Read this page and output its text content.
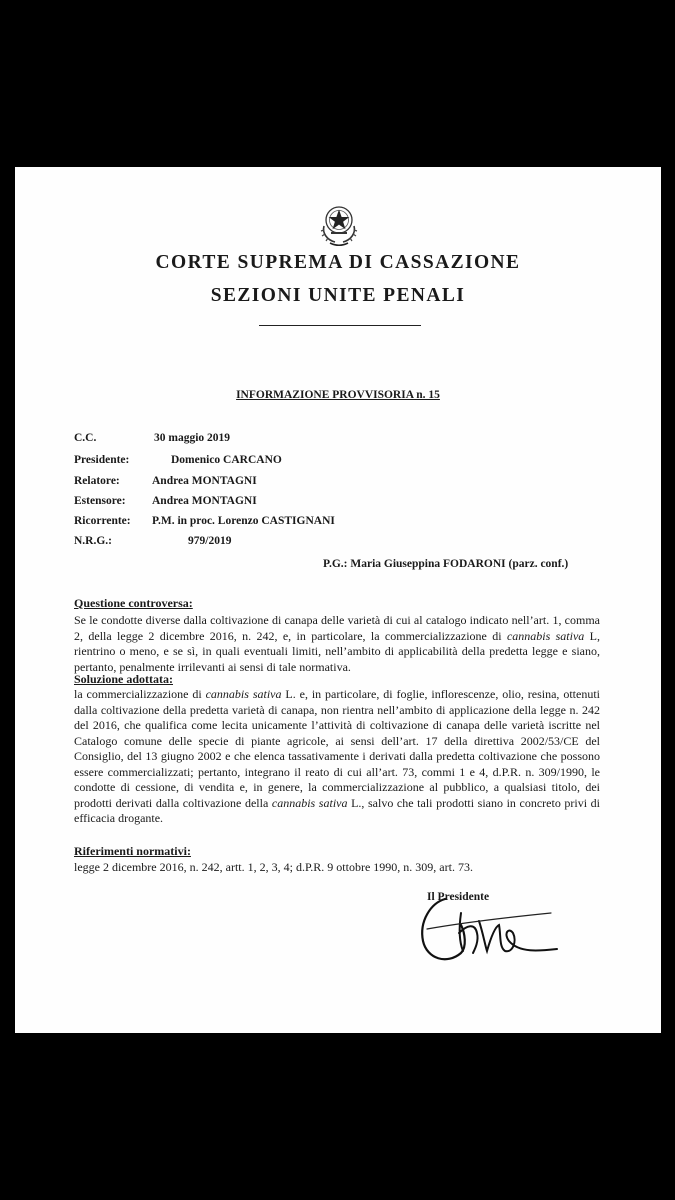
CORTE SUPREMA DI CASSAZIONE
SEZIONI UNITE PENALI
INFORMAZIONE PROVVISORIA n. 15
C.C.	30 maggio 2019
Presidente:	Domenico CARCANO
Relatore:	Andrea MONTAGNI
Estensore: Andrea MONTAGNI
Ricorrente: P.M. in proc. Lorenzo CASTIGNANI
N.R.G.:	979/2019
P.G.: Maria Giuseppina FODARONI (parz. conf.)
Questione controversa:

Se le condotte diverse dalla coltivazione di canapa delle varietà di cui al catalogo indicato nell’art. 1, comma 2, della legge 2 dicembre 2016, n. 242, e, in particolare, la commercializzazione di cannabis sativa L, rientrino o meno, e se sì, in quali eventuali limiti, nell’ambito di applicabilità della predetta legge e siano, pertanto, penalmente irrilevanti ai sensi di tale normativa.

Soluzione adottata:

la commercializzazione di cannabis sativa L. e, in particolare, di foglie, inflorescenze, olio, resina, ottenuti dalla coltivazione della predetta varietà di canapa, non rientra nell’ambito di applicazione della legge n. 242 del 2016, che qualifica come lecita unicamente l’attività di coltivazione di canapa delle varietà iscritte nel Catalogo comune delle specie di piante agricole, ai sensi dell’art. 17 della direttiva 2002/53/CE del Consiglio, del 13 giugno 2002 e che elenca tassativamente i derivati dalla predetta coltivazione che possono essere commercializzati; pertanto, integrano il reato di cui all’art. 73, commi 1 e 4, d.P.R. n. 309/1990, le condotte di cessione, di vendita e, in genere, la commercializzazione al pubblico, a qualsiasi titolo, dei prodotti derivati dalla coltivazione della cannabis sativa L., salvo che tali prodotti siano in concreto privi di efficacia drogante.

Riferimenti normativi:

legge 2 dicembre 2016, n. 242, artt. 1, 2, 3, 4; d.P.R. 9 ottobre 1990, n. 309, art. 73.

Il Presidente
